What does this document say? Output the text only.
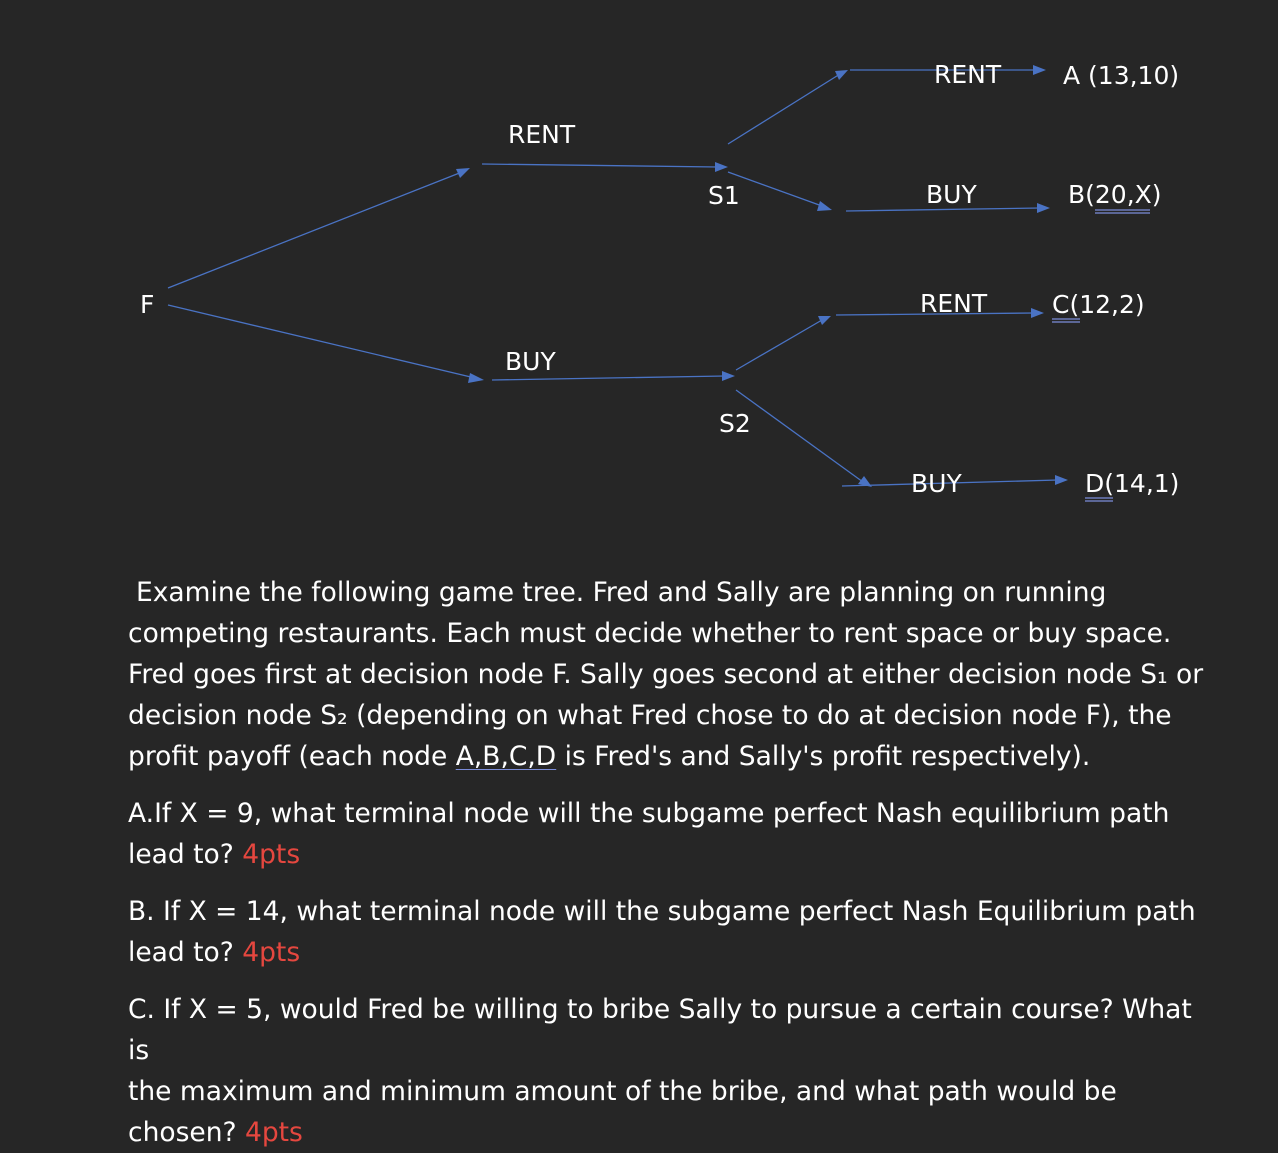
F
RENT
BUY
S1
S2
RENT
BUY
RENT
BUY
A (13,10)
B(20,X)
C(12,2)
D(14,1)

Examine the following game tree. Fred and Sally are planning on running
competing restaurants. Each must decide whether to rent space or buy space.
Fred goes first at decision node F. Sally goes second at either decision node S₁ or
decision node S₂ (depending on what Fred chose to do at decision node F), the
profit payoff (each node A,B,C,D is Fred's and Sally's profit respectively).

A.If X = 9, what terminal node will the subgame perfect Nash equilibrium path
lead to? 4pts

B. If X = 14, what terminal node will the subgame perfect Nash Equilibrium path
lead to? 4pts

C. If X = 5, would Fred be willing to bribe Sally to pursue a certain course? What is
the maximum and minimum amount of the bribe, and what path would be
chosen? 4pts
